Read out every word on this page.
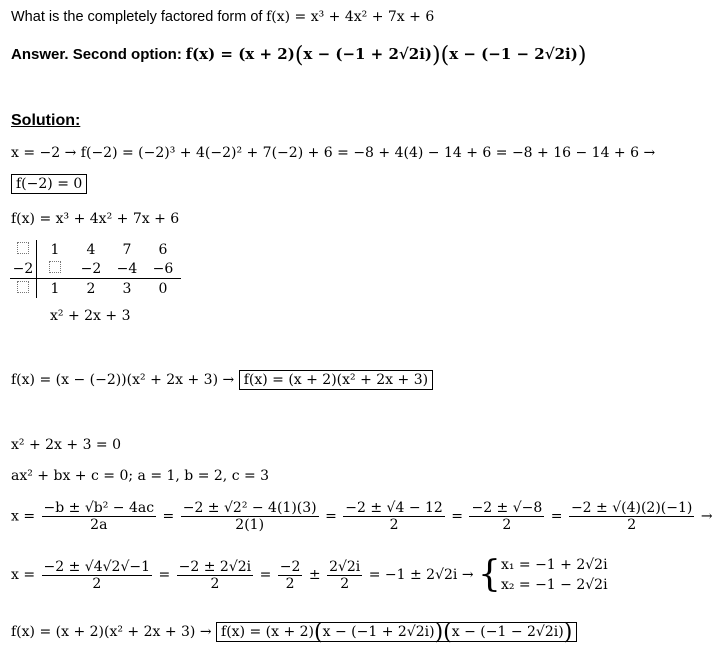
What is the completely factored form of f(x) = x³ + 4x² + 7x + 6
Answer. Second option: f(x) = (x + 2)(x − (−1 + 2√2i))(x − (−1 − 2√2i))
Solution:
x = −2 → f(−2) = (−2)³ + 4(−2)² + 7(−2) + 6 = −8 + 4(4) − 14 + 6 = −8 + 16 − 14 + 6 →
f(−2) = 0
f(x) = x³ + 4x² + 7x + 6
	1	4	7	6
−2		−2	−4	−6
	1	2	3	0
x² + 2x + 3
f(x) = (x − (−2))(x² + 2x + 3) → f(x) = (x + 2)(x² + 2x + 3)
x² + 2x + 3 = 0
ax² + bx + c = 0; a = 1, b = 2, c = 3
$x = \frac{\text{−b ± √b² − 4ac}}{2a} = \frac{\text{−2 ± √2² − 4(1)(3)}}{2(1)} = \frac{-2 \pm √4 - 12}{2} = \frac{-2 \pm √-8}{2} = \frac{-2 \pm √(4)(2)(-1)}{2}$ →
$x = \frac{-2 \pm √4√2√-1}{2} = \frac{-2 \pm 2√2i}{2} = \frac{-2}{2} \pm \frac{2√2i}{2} = -1 \pm 2√2i$ → { x₁ = −1 + 2√2i
x₂ = −1 − 2√2i
f(x) = (x + 2)(x² + 2x + 3) → f(x) = (x + 2)(x − (−1 + 2√2i))(x − (−1 − 2√2i))
